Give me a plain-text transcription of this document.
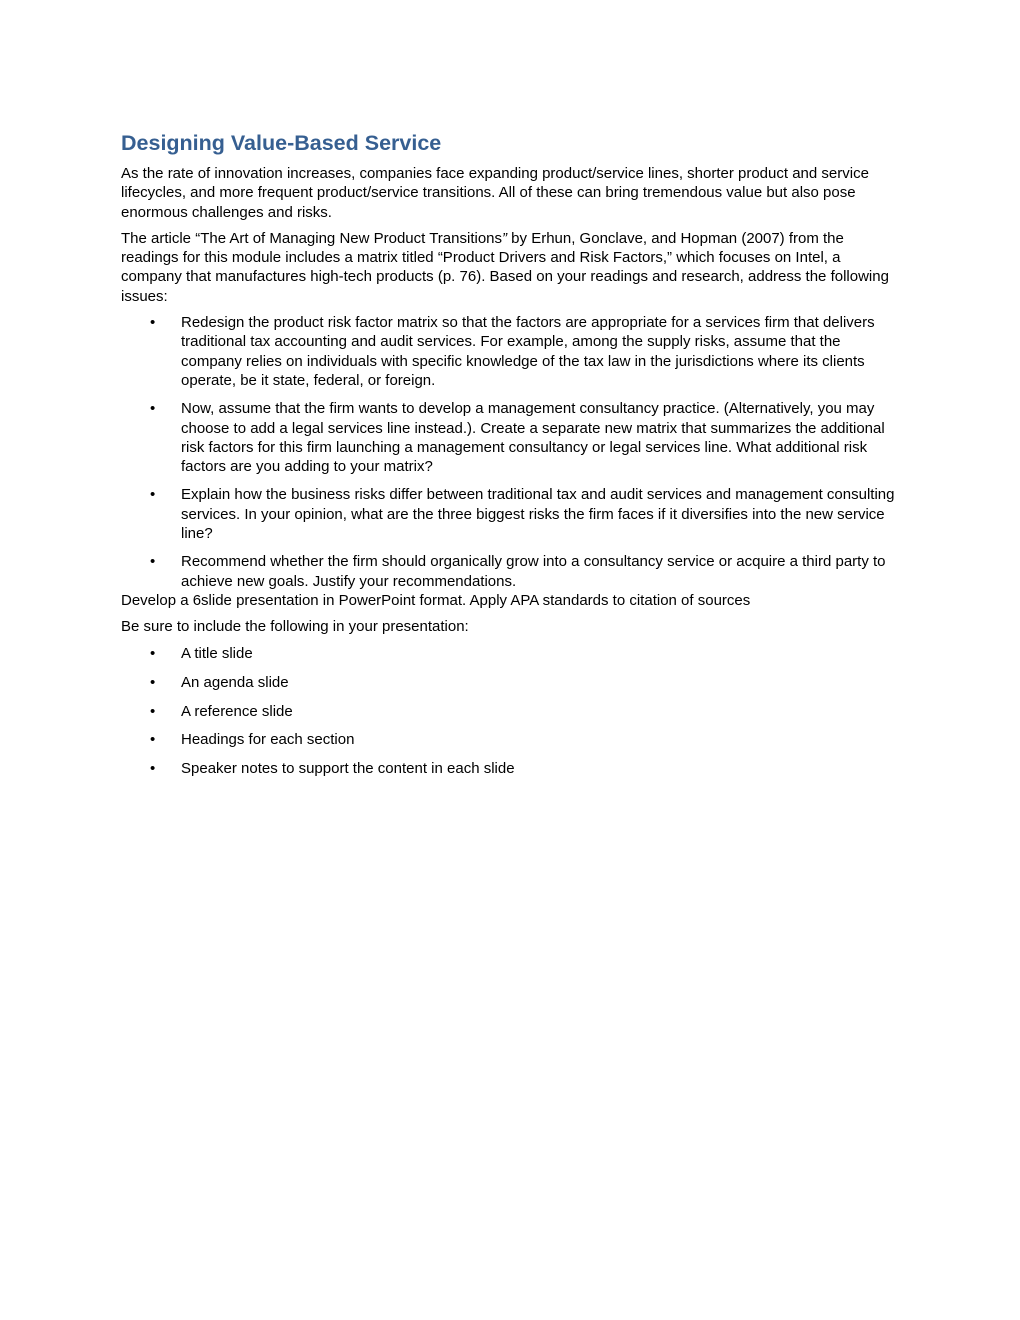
Designing Value-Based Service

As the rate of innovation increases, companies face expanding product/service lines, shorter product and service lifecycles, and more frequent product/service transitions. All of these can bring tremendous value but also pose enormous challenges and risks.

The article “The Art of Managing New Product Transitions” by Erhun, Gonclave, and Hopman (2007) from the readings for this module includes a matrix titled “Product Drivers and Risk Factors,” which focuses on Intel, a company that manufactures high-tech products (p. 76). Based on your readings and research, address the following issues:

• Redesign the product risk factor matrix so that the factors are appropriate for a services firm that delivers traditional tax accounting and audit services. For example, among the supply risks, assume that the company relies on individuals with specific knowledge of the tax law in the jurisdictions where its clients operate, be it state, federal, or foreign.
• Now, assume that the firm wants to develop a management consultancy practice. (Alternatively, you may choose to add a legal services line instead.). Create a separate new matrix that summarizes the additional risk factors for this firm launching a management consultancy or legal services line. What additional risk factors are you adding to your matrix?
• Explain how the business risks differ between traditional tax and audit services and management consulting services. In your opinion, what are the three biggest risks the firm faces if it diversifies into the new service line?
• Recommend whether the firm should organically grow into a consultancy service or acquire a third party to achieve new goals. Justify your recommendations.

Develop a 6slide presentation in PowerPoint format. Apply APA standards to citation of sources

Be sure to include the following in your presentation:

• A title slide
• An agenda slide
• A reference slide
• Headings for each section
• Speaker notes to support the content in each slide
